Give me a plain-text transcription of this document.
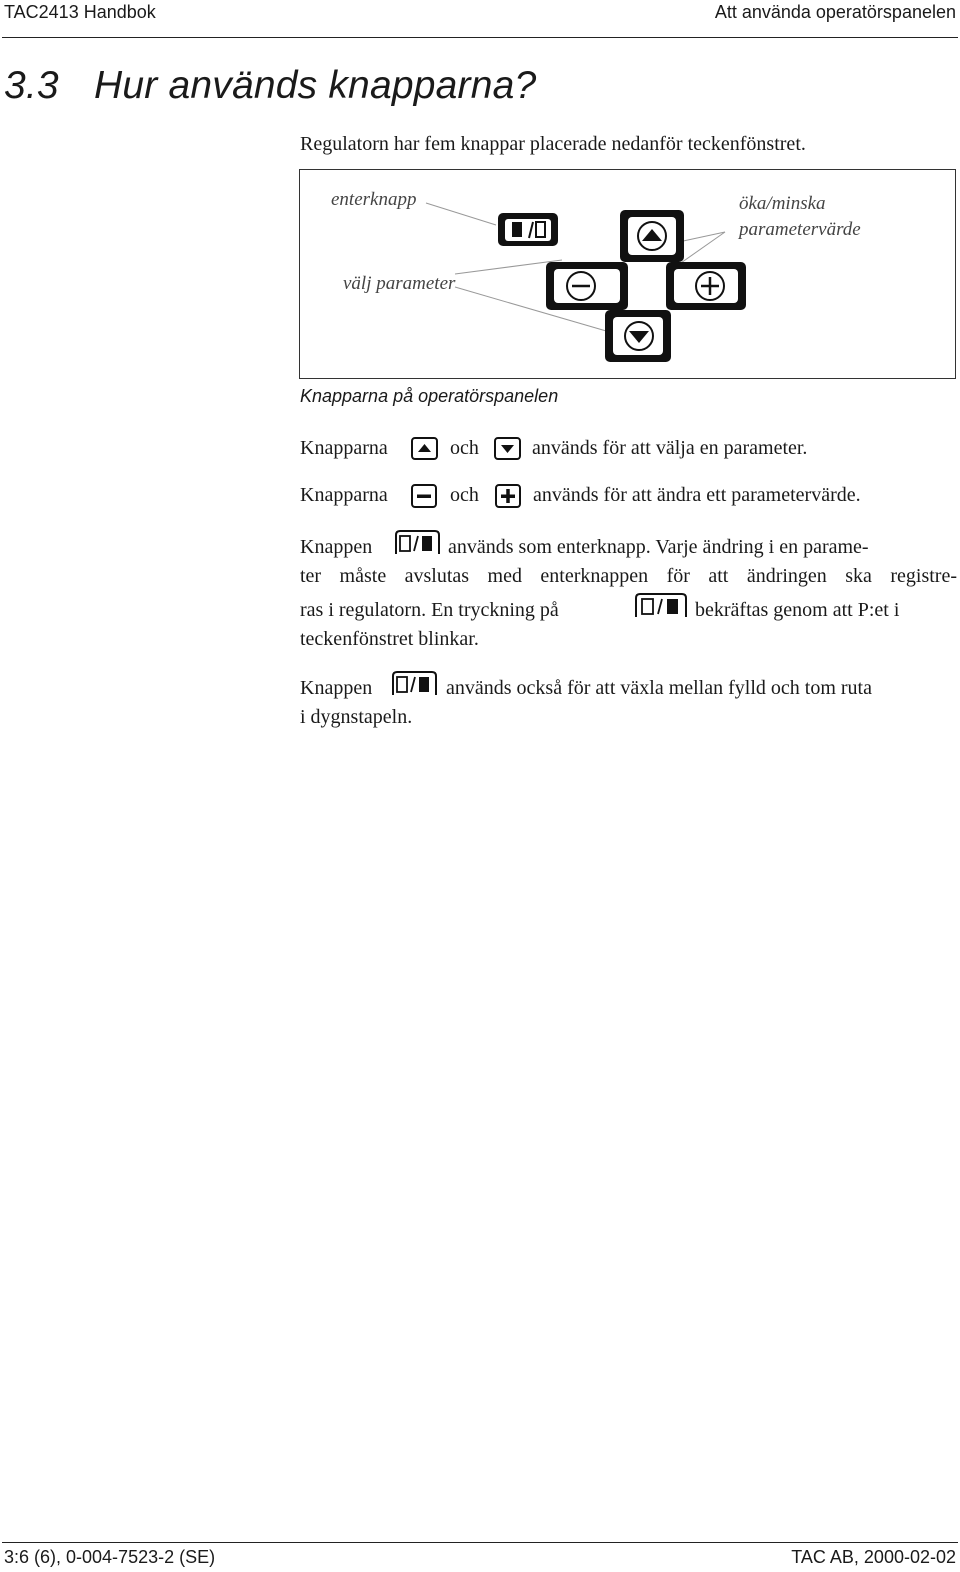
TAC2413 Handbok	Att använda operatörspanelen
3.3 Hur används knapparna?

Regulatorn har fem knappar placerade nedanför teckenfönstret.

enterknapp
välj parameter
öka/minska
parametervärde

Knapparna på operatörspanelen

Knapparna	och	används för att välja en parameter.
Knapparna	och	används för att ändra ett parametervärde.
Knappen	används som enterknapp. Varje ändring i en parame-

ter måste avslutas med enterknappen för att ändringen ska registre-

ras i regulatorn. En tryckning på	bekräftas genom att P:et i

teckenfönstret blinkar.

Knappen	används också för att växla mellan fylld och tom ruta

i dygnstapeln.

3:6 (6), 0-004-7523-2 (SE)	TAC AB, 2000-02-02
